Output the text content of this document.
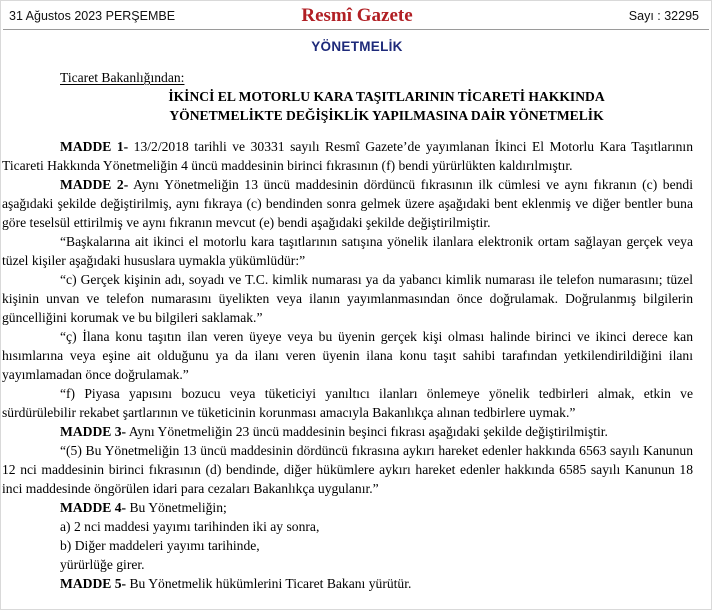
31 Ağustos 2023 PERŞEMBE	Resmî Gazete	Sayı : 32295
YÖNETMELİK
Ticaret Bakanlığından:
İKİNCİ EL MOTORLU KARA TAŞITLARININ TİCARETİ HAKKINDA
YÖNETMELİKTE DEĞİŞİKLİK YAPILMASINA DAİR YÖNETMELİK

MADDE 1- 13/2/2018 tarihli ve 30331 sayılı Resmî Gazete’de yayımlanan İkinci El Motorlu Kara Taşıtlarının Ticareti Hakkında Yönetmeliğin 4 üncü maddesinin birinci fıkrasının (f) bendi yürürlükten kaldırılmıştır.

MADDE 2- Aynı Yönetmeliğin 13 üncü maddesinin dördüncü fıkrasının ilk cümlesi ve aynı fıkranın (c) bendi aşağıdaki şekilde değiştirilmiş, aynı fıkraya (c) bendinden sonra gelmek üzere aşağıdaki bent eklenmiş ve diğer bentler buna göre teselsül ettirilmiş ve aynı fıkranın mevcut (e) bendi aşağıdaki şekilde değiştirilmiştir.

“Başkalarına ait ikinci el motorlu kara taşıtlarının satışına yönelik ilanlara elektronik ortam sağlayan gerçek veya tüzel kişiler aşağıdaki hususlara uymakla yükümlüdür:”

“c) Gerçek kişinin adı, soyadı ve T.C. kimlik numarası ya da yabancı kimlik numarası ile telefon numarasını; tüzel kişinin unvan ve telefon numarasını üyelikten veya ilanın yayımlanmasından önce doğrulamak. Doğrulanmış bilgilerin güncelliğini korumak ve bu bilgileri saklamak.”

“ç) İlana konu taşıtın ilan veren üyeye veya bu üyenin gerçek kişi olması halinde birinci ve ikinci derece kan hısımlarına veya eşine ait olduğunu ya da ilanı veren üyenin ilana konu taşıt sahibi tarafından yetkilendirildiğini ilanı yayımlamadan önce doğrulamak.”

“f) Piyasa yapısını bozucu veya tüketiciyi yanıltıcı ilanları önlemeye yönelik tedbirleri almak, etkin ve sürdürülebilir rekabet şartlarının ve tüketicinin korunması amacıyla Bakanlıkça alınan tedbirlere uymak.”

MADDE 3- Aynı Yönetmeliğin 23 üncü maddesinin beşinci fıkrası aşağıdaki şekilde değiştirilmiştir.

“(5) Bu Yönetmeliğin 13 üncü maddesinin dördüncü fıkrasına aykırı hareket edenler hakkında 6563 sayılı Kanunun 12 nci maddesinin birinci fıkrasının (d) bendinde, diğer hükümlere aykırı hareket edenler hakkında 6585 sayılı Kanunun 18 inci maddesinde öngörülen idari para cezaları Bakanlıkça uygulanır.”

MADDE 4- Bu Yönetmeliğin;

a) 2 nci maddesi yayımı tarihinden iki ay sonra,

b) Diğer maddeleri yayımı tarihinde,

yürürlüğe girer.

MADDE 5- Bu Yönetmelik hükümlerini Ticaret Bakanı yürütür.
